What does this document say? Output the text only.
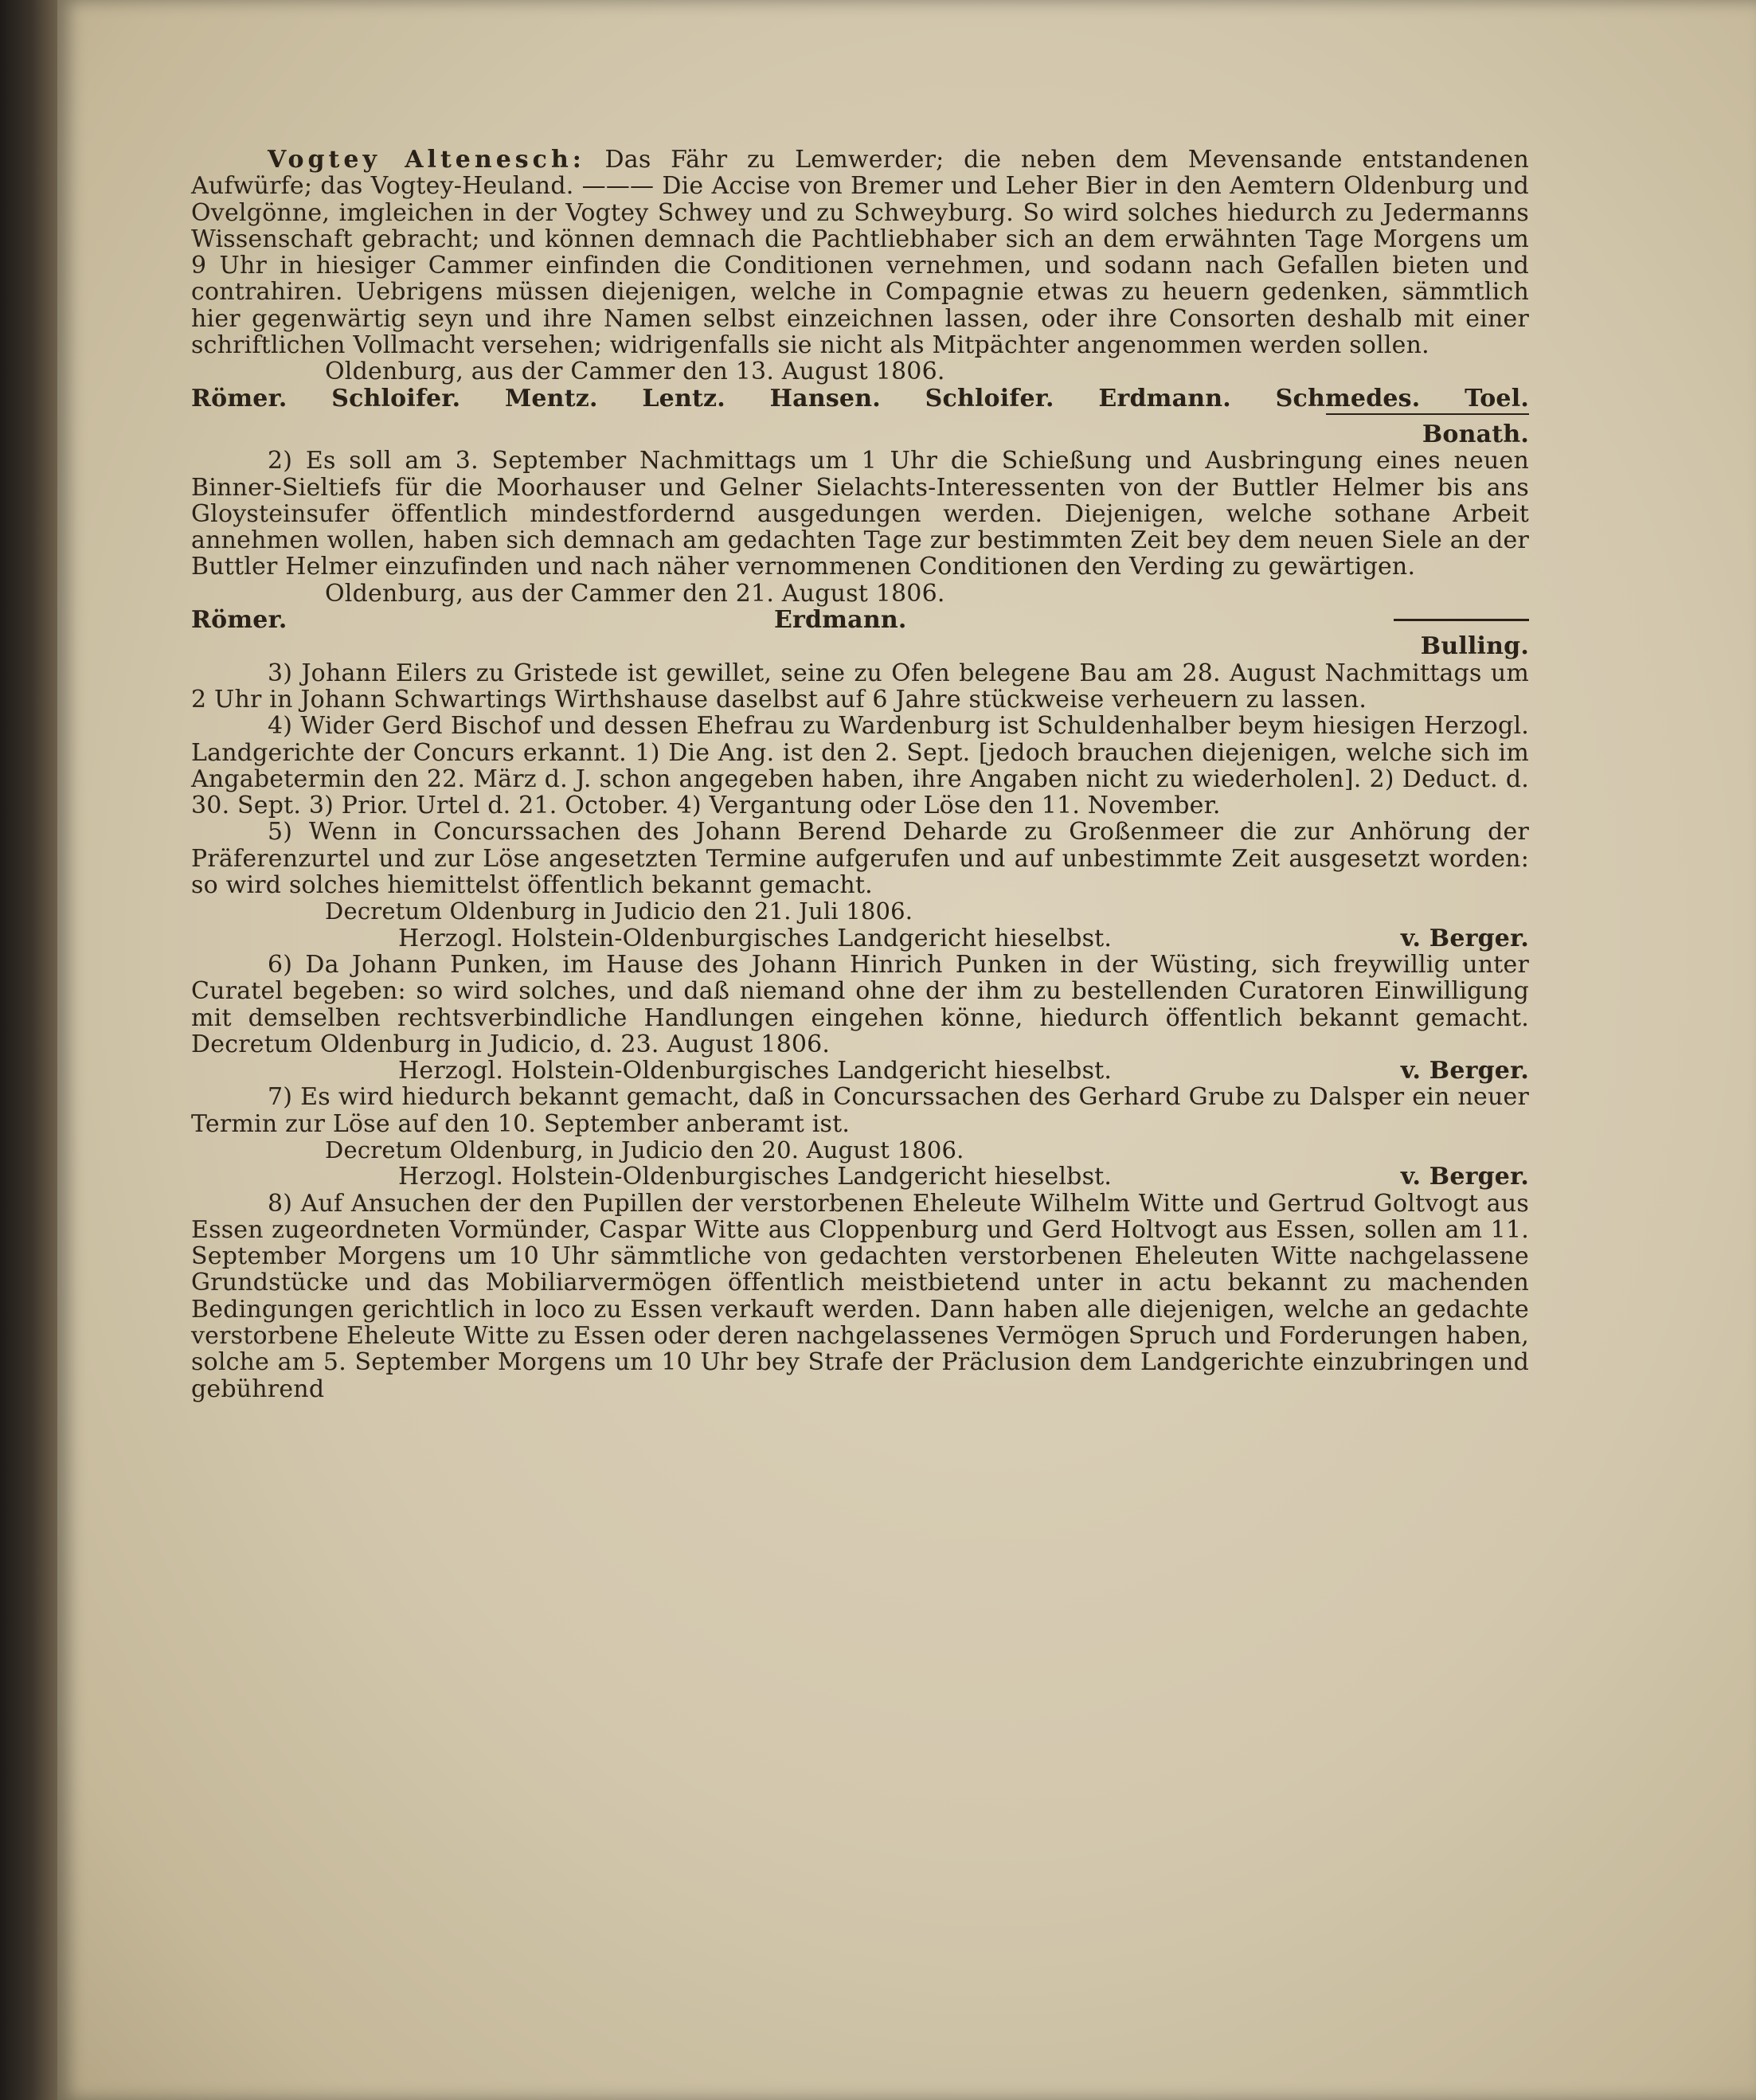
Vogtey Altenesch: Das Fähr zu Lemwerder; die neben dem Mevensande entstandenen Aufwürfe; das Vogtey-Heuland. ——— Die Accise von Bremer und Leher Bier in den Aemtern Oldenburg und Ovelgönne, imgleichen in der Vogtey Schwey und zu Schweyburg. So wird solches hiedurch zu Jedermanns Wissenschaft gebracht; und können demnach die Pachtliebhaber sich an dem erwähnten Tage Morgens um 9 Uhr in hiesiger Cammer einfinden die Conditionen vernehmen, und sodann nach Gefallen bieten und contrahiren. Uebrigens müssen diejenigen, welche in Compagnie etwas zu heuern gedenken, sämmtlich hier gegenwärtig seyn und ihre Namen selbst einzeichnen lassen, oder ihre Consorten deshalb mit einer schriftlichen Vollmacht versehen; widrigenfalls sie nicht als Mitpächter angenommen werden sollen.

Oldenburg, aus der Cammer den 13. August 1806.

Römer. Schloifer. Mentz. Lentz. Hansen. Schloifer. Erdmann. Schmedes. Toel.
Bonath.

2) Es soll am 3. September Nachmittags um 1 Uhr die Schießung und Ausbringung eines neuen Binner-Sieltiefs für die Moorhauser und Gelner Sielachts-Interessenten von der Buttler Helmer bis ans Gloysteinsufer öffentlich mindestfordernd ausgedungen werden. Diejenigen, welche sothane Arbeit annehmen wollen, haben sich demnach am gedachten Tage zur bestimmten Zeit bey dem neuen Siele an der Buttler Helmer einzufinden und nach näher vernommenen Conditionen den Verding zu gewärtigen.

Oldenburg, aus der Cammer den 21. August 1806.

Römer.	Erdmann.
Bulling.

3) Johann Eilers zu Gristede ist gewillet, seine zu Ofen belegene Bau am 28. August Nachmittags um 2 Uhr in Johann Schwartings Wirthshause daselbst auf 6 Jahre stückweise verheuern zu lassen.

4) Wider Gerd Bischof und dessen Ehefrau zu Wardenburg ist Schuldenhalber beym hiesigen Herzogl. Landgerichte der Concurs erkannt. 1) Die Ang. ist den 2. Sept. [jedoch brauchen diejenigen, welche sich im Angabetermin den 22. März d. J. schon angegeben haben, ihre Angaben nicht zu wiederholen]. 2) Deduct. d. 30. Sept. 3) Prior. Urtel d. 21. October. 4) Vergantung oder Löse den 11. November.

5) Wenn in Concurssachen des Johann Berend Deharde zu Großenmeer die zur Anhörung der Präferenzurtel und zur Löse angesetzten Termine aufgerufen und auf unbestimmte Zeit ausgesetzt worden: so wird solches hiemittelst öffentlich bekannt gemacht.

Decretum Oldenburg in Judicio den 21. Juli 1806.

Herzogl. Holstein-Oldenburgisches Landgericht hieselbst.	v. Berger.

6) Da Johann Punken, im Hause des Johann Hinrich Punken in der Wüsting, sich freywillig unter Curatel begeben: so wird solches, und daß niemand ohne der ihm zu bestellenden Curatoren Einwilligung mit demselben rechtsverbindliche Handlungen eingehen könne, hiedurch öffentlich bekannt gemacht. Decretum Oldenburg in Judicio, d. 23. August 1806.

Herzogl. Holstein-Oldenburgisches Landgericht hieselbst.	v. Berger.

7) Es wird hiedurch bekannt gemacht, daß in Concurssachen des Gerhard Grube zu Dalsper ein neuer Termin zur Löse auf den 10. September anberamt ist.

Decretum Oldenburg, in Judicio den 20. August 1806.

Herzogl. Holstein-Oldenburgisches Landgericht hieselbst.	v. Berger.

8) Auf Ansuchen der den Pupillen der verstorbenen Eheleute Wilhelm Witte und Gertrud Goltvogt aus Essen zugeordneten Vormünder, Caspar Witte aus Cloppenburg und Gerd Holtvogt aus Essen, sollen am 11. September Morgens um 10 Uhr sämmtliche von gedachten verstorbenen Eheleuten Witte nachgelassene Grundstücke und das Mobiliarvermögen öffentlich meistbietend unter in actu bekannt zu machenden Bedingungen gerichtlich in loco zu Essen verkauft werden. Dann haben alle diejenigen, welche an gedachte verstorbene Eheleute Witte zu Essen oder deren nachgelassenes Vermögen Spruch und Forderungen haben, solche am 5. September Morgens um 10 Uhr bey Strafe der Präclusion dem Landgerichte einzubringen und gebührend
